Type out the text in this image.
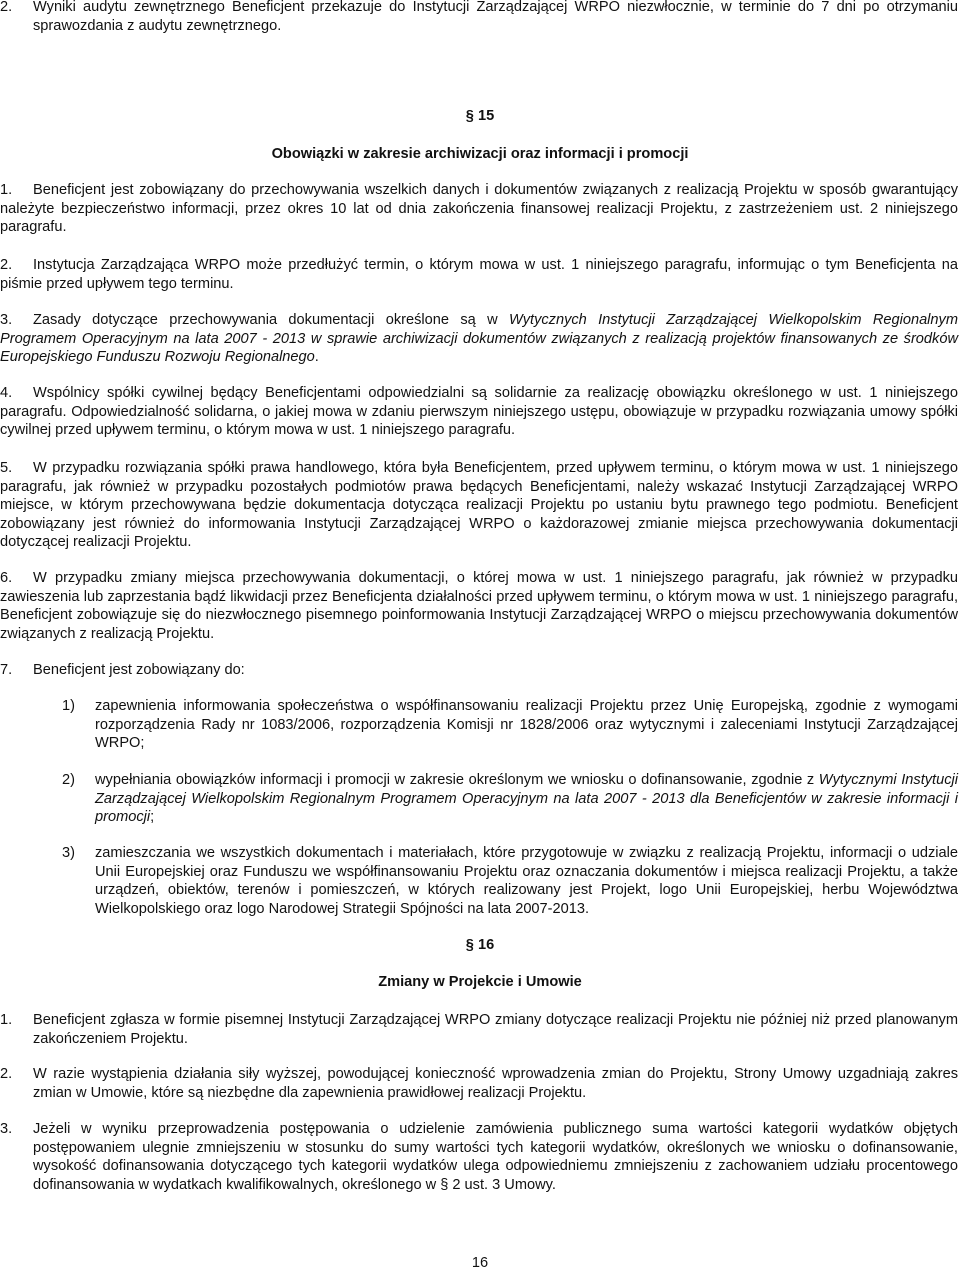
2. Wyniki audytu zewnętrznego Beneficjent przekazuje do Instytucji Zarządzającej WRPO niezwłocznie, w terminie do 7 dni po otrzymaniu sprawozdania z audytu zewnętrznego.
§ 15
Obowiązki w zakresie archiwizacji oraz informacji i promocji
1.	Beneficjent jest zobowiązany do przechowywania wszelkich danych i dokumentów związanych z realizacją Projektu w sposób gwarantujący należyte bezpieczeństwo informacji, przez okres 10 lat od dnia zakończenia finansowej realizacji Projektu, z zastrzeżeniem ust. 2 niniejszego paragrafu.
2.	Instytucja Zarządzająca WRPO może przedłużyć termin, o którym mowa w ust. 1 niniejszego paragrafu, informując o tym Beneficjenta na piśmie przed upływem tego terminu.
3.	Zasady dotyczące przechowywania dokumentacji określone są w Wytycznych Instytucji Zarządzającej Wielkopolskim Regionalnym Programem Operacyjnym na lata 2007 - 2013 w sprawie archiwizacji dokumentów związanych z realizacją projektów finansowanych ze środków Europejskiego Funduszu Rozwoju Regionalnego.
4.	Wspólnicy spółki cywilnej będący Beneficjentami odpowiedzialni są solidarnie za realizację obowiązku określonego w ust. 1 niniejszego paragrafu. Odpowiedzialność solidarna, o jakiej mowa w zdaniu pierwszym niniejszego ustępu, obowiązuje w przypadku rozwiązania umowy spółki cywilnej przed upływem terminu, o którym mowa w ust. 1 niniejszego paragrafu.
5.	W przypadku rozwiązania spółki prawa handlowego, która była Beneficjentem, przed upływem terminu, o którym mowa w ust. 1 niniejszego paragrafu, jak również w przypadku pozostałych podmiotów prawa będących Beneficjentami, należy wskazać Instytucji Zarządzającej WRPO miejsce, w którym przechowywana będzie dokumentacja dotycząca realizacji Projektu po ustaniu bytu prawnego tego podmiotu. Beneficjent zobowiązany jest również do informowania Instytucji Zarządzającej WRPO o każdorazowej zmianie miejsca przechowywania dokumentacji dotyczącej realizacji Projektu.
6.	W przypadku zmiany miejsca przechowywania dokumentacji, o której mowa w ust. 1 niniejszego paragrafu, jak również w przypadku zawieszenia lub zaprzestania bądź likwidacji przez Beneficjenta działalności przed upływem terminu, o którym mowa w ust. 1 niniejszego paragrafu, Beneficjent zobowiązuje się do niezwłocznego pisemnego poinformowania Instytucji Zarządzającej WRPO o miejscu przechowywania dokumentów związanych z realizacją Projektu.
7. Beneficjent jest zobowiązany do:
1) zapewnienia informowania społeczeństwa o współfinansowaniu realizacji Projektu przez Unię Europejską, zgodnie z wymogami rozporządzenia Rady nr 1083/2006, rozporządzenia Komisji nr 1828/2006 oraz wytycznymi i zaleceniami Instytucji Zarządzającej WRPO;
2) wypełniania obowiązków informacji i promocji w zakresie określonym we wniosku o dofinansowanie, zgodnie z Wytycznymi Instytucji Zarządzającej Wielkopolskim Regionalnym Programem Operacyjnym na lata 2007 - 2013 dla Beneficjentów w zakresie informacji i promocji;
3) zamieszczania we wszystkich dokumentach i materiałach, które przygotowuje w związku z realizacją Projektu, informacji o udziale Unii Europejskiej oraz Funduszu we współfinansowaniu Projektu oraz oznaczania dokumentów i miejsca realizacji Projektu, a także urządzeń, obiektów, terenów i pomieszczeń, w których realizowany jest Projekt, logo Unii Europejskiej, herbu Województwa Wielkopolskiego oraz logo Narodowej Strategii Spójności na lata 2007-2013.
§ 16
Zmiany w Projekcie i Umowie
1. Beneficjent zgłasza w formie pisemnej Instytucji Zarządzającej WRPO zmiany dotyczące realizacji Projektu nie później niż przed planowanym zakończeniem Projektu.
2. W razie wystąpienia działania siły wyższej, powodującej konieczność wprowadzenia zmian do Projektu, Strony Umowy uzgadniają zakres zmian w Umowie, które są niezbędne dla zapewnienia prawidłowej realizacji Projektu.
3. Jeżeli w wyniku przeprowadzenia postępowania o udzielenie zamówienia publicznego suma wartości kategorii wydatków objętych postępowaniem ulegnie zmniejszeniu w stosunku do sumy wartości tych kategorii wydatków, określonych we wniosku o dofinansowanie, wysokość dofinansowania dotyczącego tych kategorii wydatków ulega odpowiedniemu zmniejszeniu z zachowaniem udziału procentowego dofinansowania w wydatkach kwalifikowalnych, określonego w § 2 ust. 3 Umowy.
16
